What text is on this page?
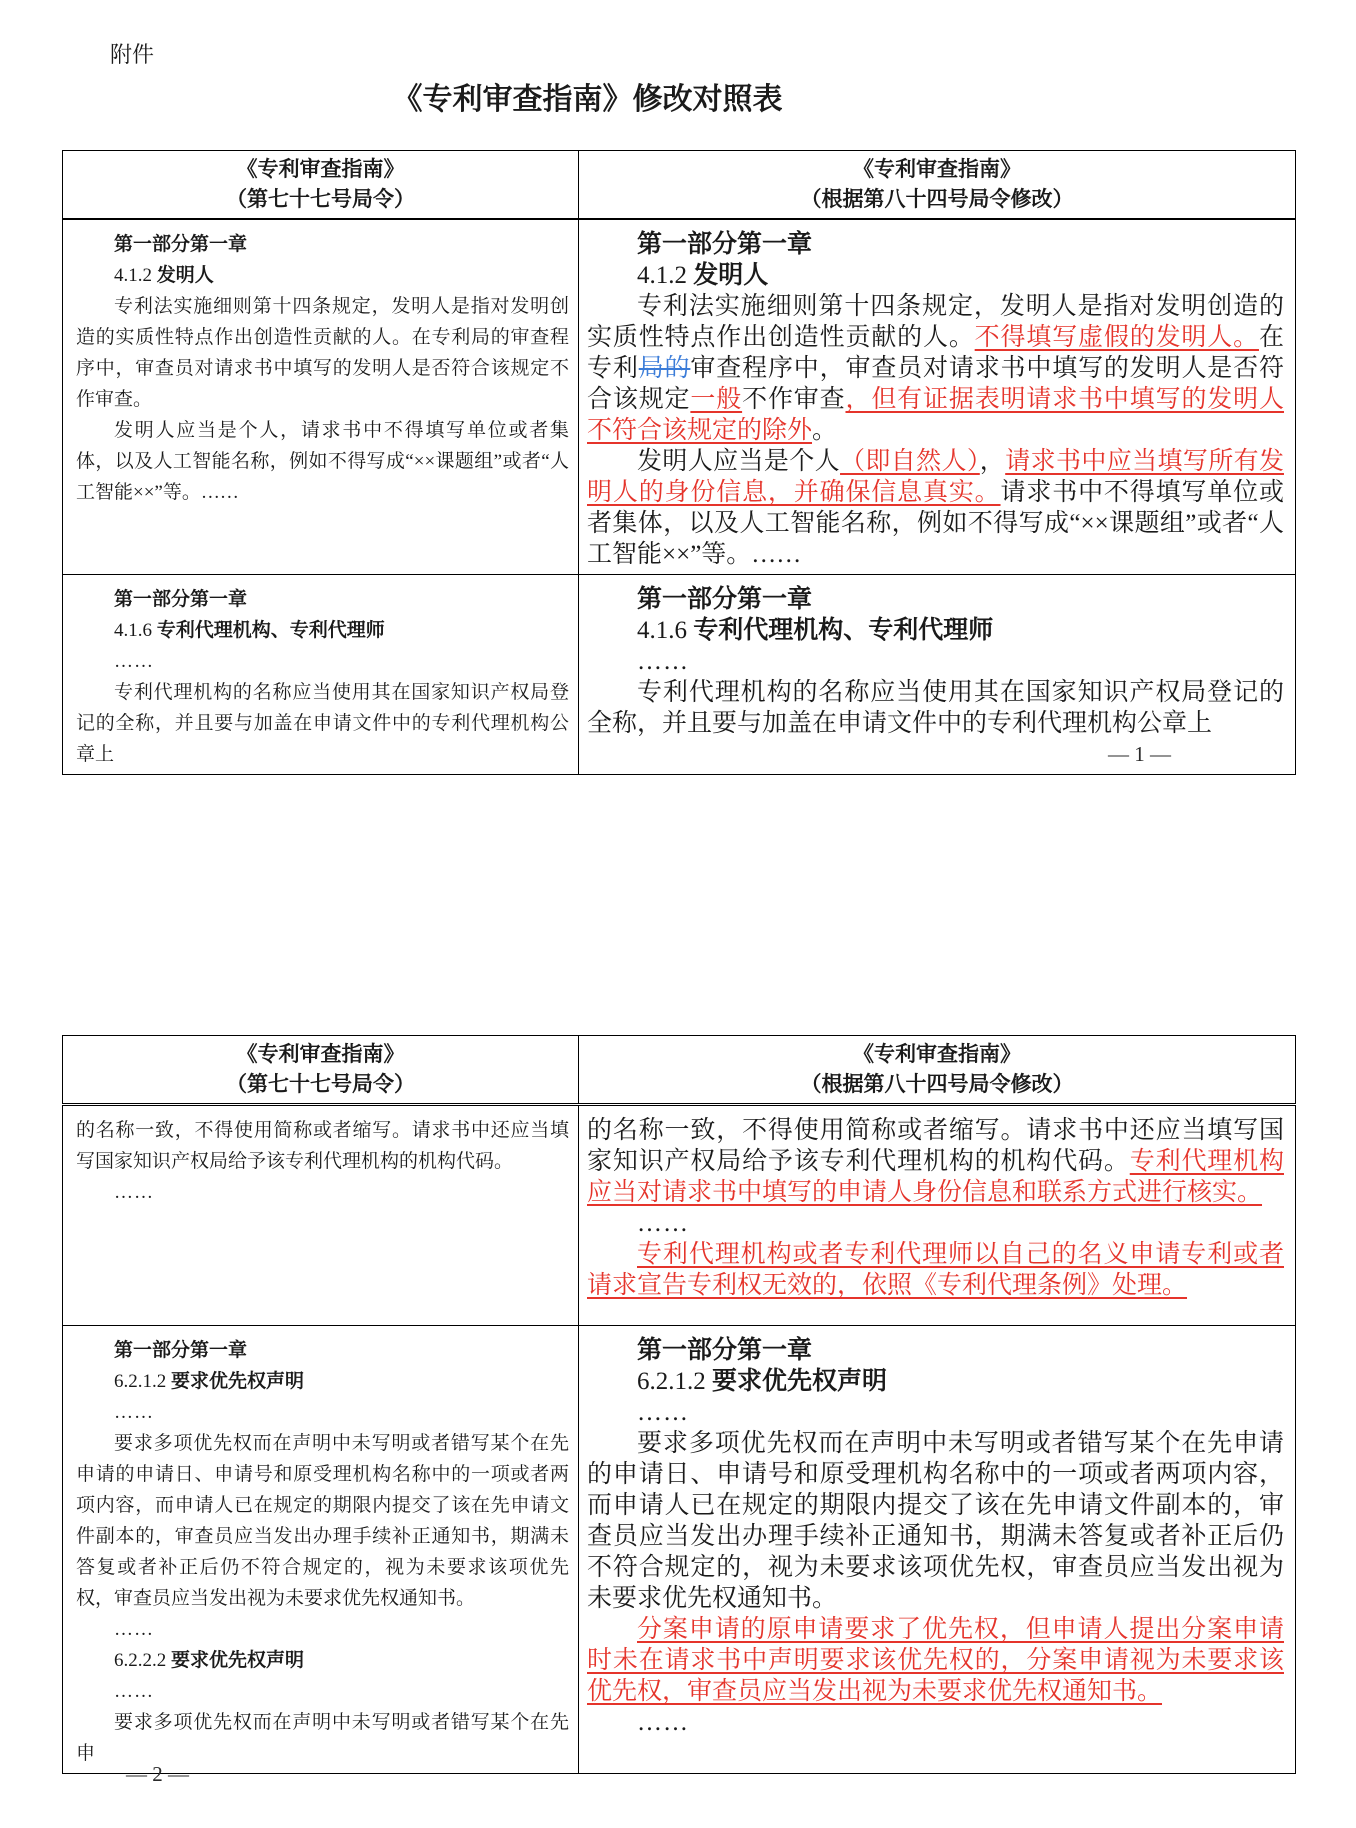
附件
《专利审查指南》修改对照表
《专利审查指南》
（第七十七号局令）

《专利审查指南》
（根据第八十四号局令修改）

第一部分第一章
4.1.2 发明人
专利法实施细则第十四条规定，发明人是指对发明创造的实质性特点作出创造性贡献的人。在专利局的审查程序中，审查员对请求书中填写的发明人是否符合该规定不作审查。
发明人应当是个人，请求书中不得填写单位或者集体，以及人工智能名称，例如不得写成“××课题组”或者“人工智能××”等。……

第一部分第一章
4.1.2 发明人
专利法实施细则第十四条规定，发明人是指对发明创造的实质性特点作出创造性贡献的人。不得填写虚假的发明人。在专利局的审查程序中，审查员对请求书中填写的发明人是否符合该规定一般不作审查，但有证据表明请求书中填写的发明人不符合该规定的除外。
发明人应当是个人（即自然人），请求书中应当填写所有发明人的身份信息，并确保信息真实。请求书中不得填写单位或者集体，以及人工智能名称，例如不得写成“××课题组”或者“人工智能××”等。……

第一部分第一章
4.1.6 专利代理机构、专利代理师
……
专利代理机构的名称应当使用其在国家知识产权局登记的全称，并且要与加盖在申请文件中的专利代理机构公章上

第一部分第一章
4.1.6 专利代理机构、专利代理师
……
专利代理机构的名称应当使用其在国家知识产权局登记的全称，并且要与加盖在申请文件中的专利代理机构公章上
— 1 —
《专利审查指南》
（第七十七号局令）

《专利审查指南》
（根据第八十四号局令修改）

的名称一致，不得使用简称或者缩写。请求书中还应当填写国家知识产权局给予该专利代理机构的机构代码。
……

的名称一致，不得使用简称或者缩写。请求书中还应当填写国家知识产权局给予该专利代理机构的机构代码。专利代理机构应当对请求书中填写的申请人身份信息和联系方式进行核实。
……
专利代理机构或者专利代理师以自己的名义申请专利或者请求宣告专利权无效的，依照《专利代理条例》处理。

第一部分第一章
6.2.1.2 要求优先权声明
……
要求多项优先权而在声明中未写明或者错写某个在先申请的申请日、申请号和原受理机构名称中的一项或者两项内容，而申请人已在规定的期限内提交了该在先申请文件副本的，审查员应当发出办理手续补正通知书，期满未答复或者补正后仍不符合规定的，视为未要求该项优先权，审查员应当发出视为未要求优先权通知书。
……
6.2.2.2 要求优先权声明
……
要求多项优先权而在声明中未写明或者错写某个在先申

第一部分第一章
6.2.1.2 要求优先权声明
……
要求多项优先权而在声明中未写明或者错写某个在先申请的申请日、申请号和原受理机构名称中的一项或者两项内容，而申请人已在规定的期限内提交了该在先申请文件副本的，审查员应当发出办理手续补正通知书，期满未答复或者补正后仍不符合规定的，视为未要求该项优先权，审查员应当发出视为未要求优先权通知书。
分案申请的原申请要求了优先权，但申请人提出分案申请时未在请求书中声明要求该优先权的，分案申请视为未要求该优先权，审查员应当发出视为未要求优先权通知书。
……
— 2 —
